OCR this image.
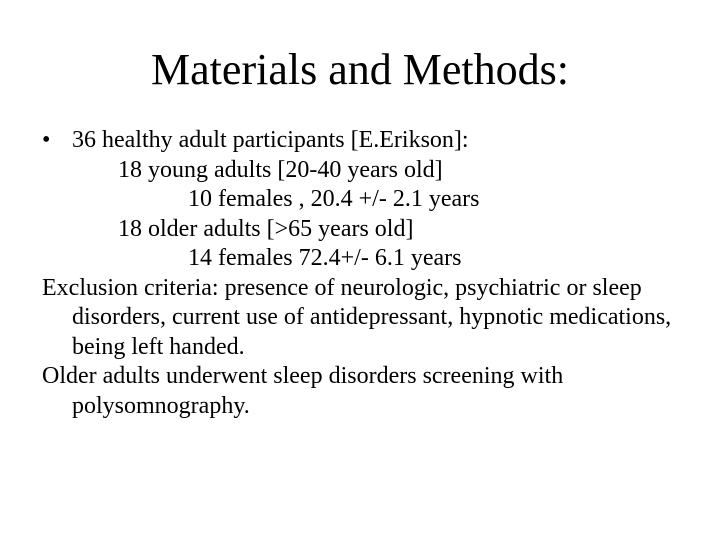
Materials and Methods:
• 36 healthy adult participants [E.Erikson]:
18 young adults [20-40 years old]
10 females , 20.4 +/- 2.1 years
18 older adults [>65 years old]
14 females 72.4+/- 6.1 years
Exclusion criteria: presence of neurologic, psychiatric or sleep disorders, current use of antidepressant, hypnotic medications, being left handed.
Older adults underwent sleep disorders screening with polysomnography.
